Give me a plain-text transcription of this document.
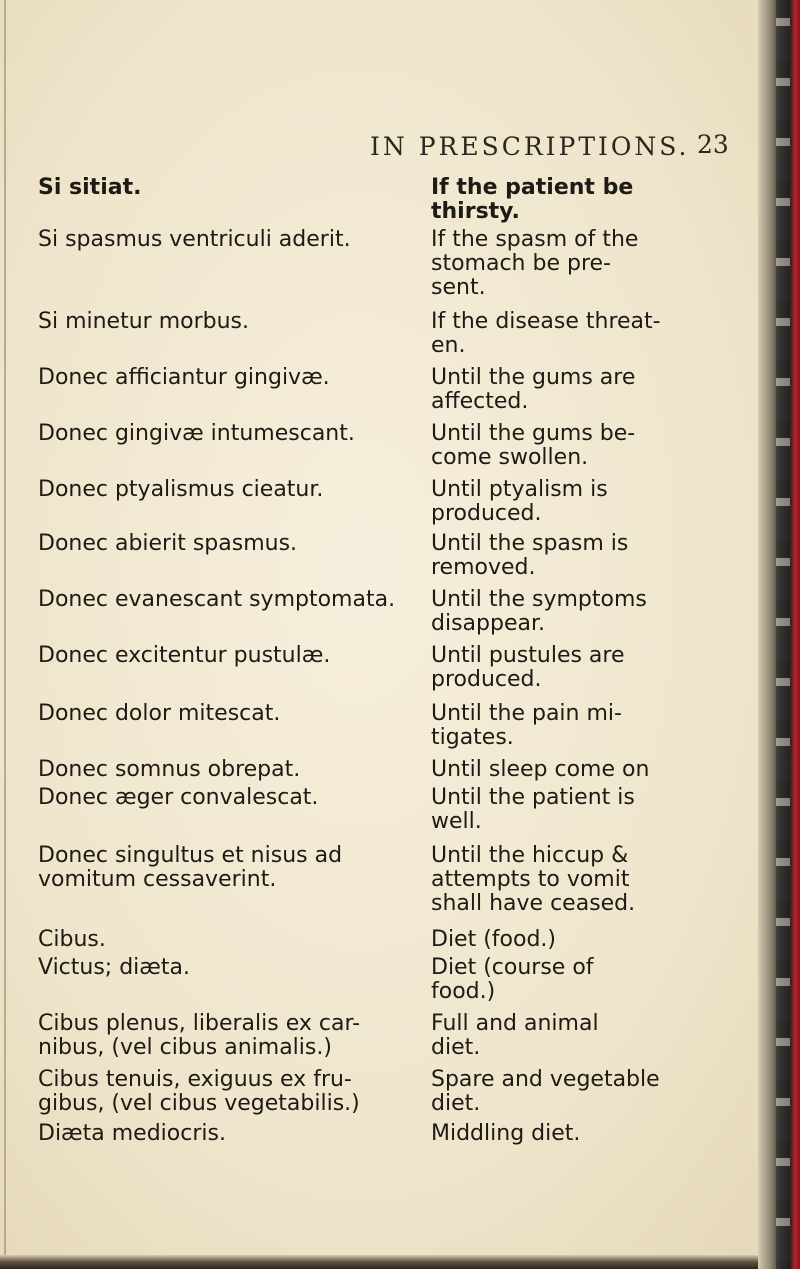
IN PRESCRIPTIONS. 23
Si sitiat.
Si spasmus ventriculi aderit.
Si minetur morbus.
Donec afficiantur gingivæ.
Donec gingivæ intumescant.
Donec ptyalismus cieatur.
Donec abierit spasmus.
Donec evanescant symptomata.
Donec excitentur pustulæ.
Donec dolor mitescat.
Donec somnus obrepat.
Donec æger convalescat.
Donec singultus et nisus ad
vomitum cessaverint.
Cibus.
Victus; diæta.
Cibus plenus, liberalis ex car-
nibus, (vel cibus animalis.)
Cibus tenuis, exiguus ex fru-
gibus, (vel cibus vegetabilis.)
Diæta mediocris.
If the patient be
thirsty.
If the spasm of the
stomach be pre-
sent.
If the disease threat-
en.
Until the gums are
affected.
Until the gums be-
come swollen.
Until ptyalism is
produced.
Until the spasm is
removed.
Until the symptoms
disappear.
Until pustules are
produced.
Until the pain mi-
tigates.
Until sleep come on
Until the patient is
well.
Until the hiccup &
attempts to vomit
shall have ceased.
Diet (food.)
Diet (course of
food.)
Full and animal
diet.
Spare and vegetable
diet.
Middling diet.
